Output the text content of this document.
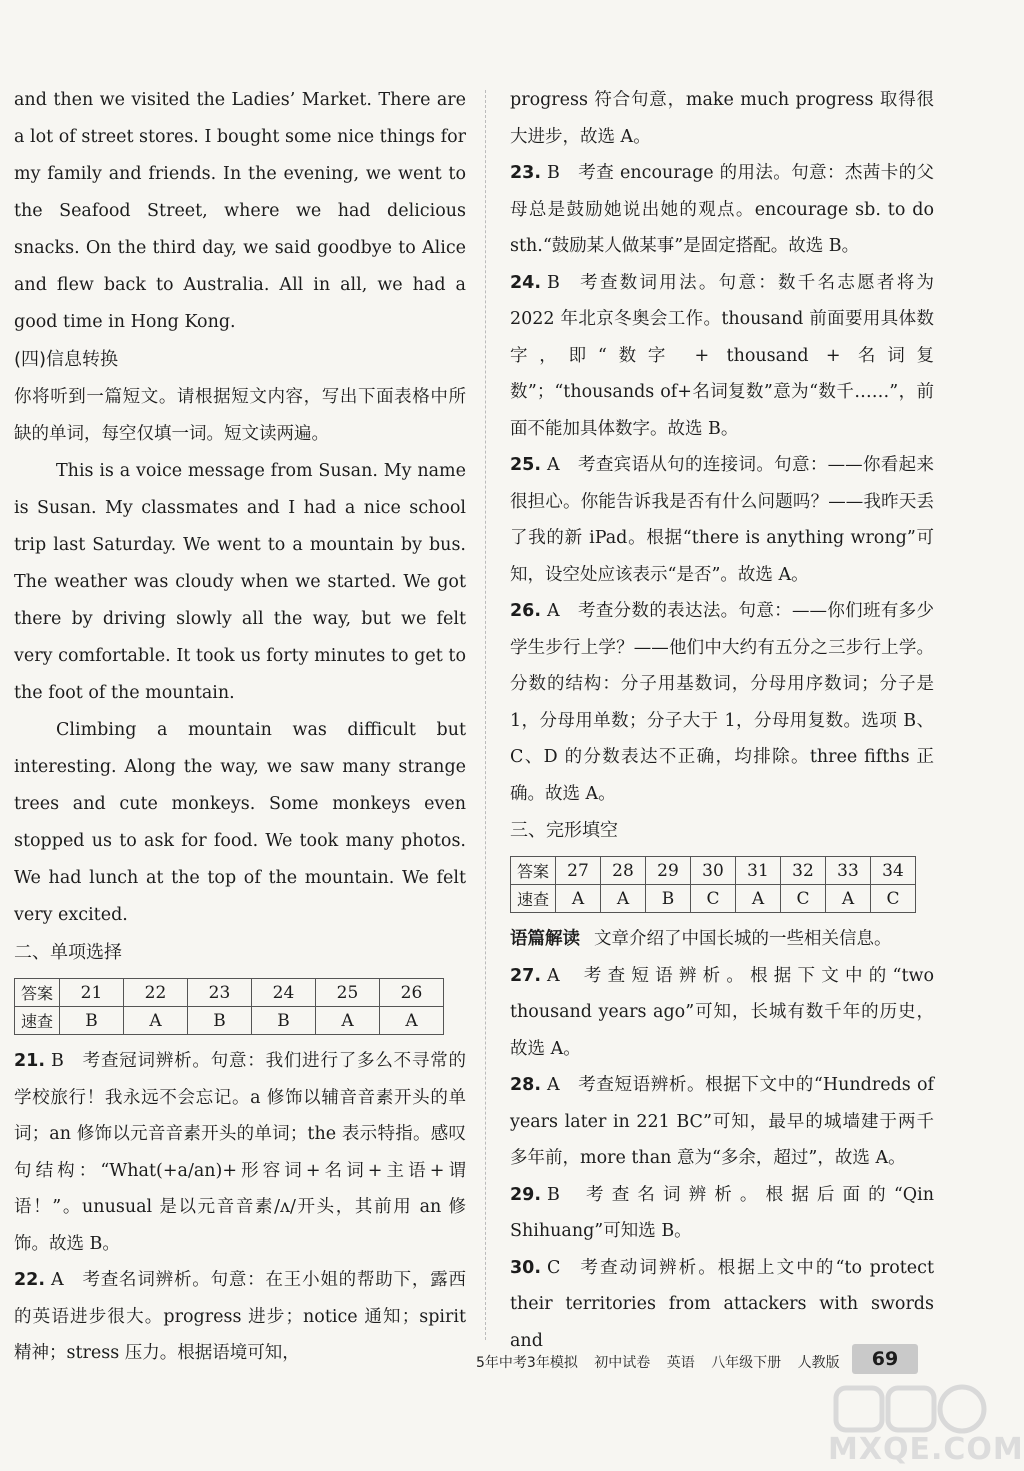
and then we visited the Ladies’ Market. There are a lot of street stores. I bought some nice things for my family and friends. In the evening, we went to the Seafood Street, where we had delicious snacks. On the third day, we said goodbye to Alice and flew back to Australia. All in all, we had a good time in Hong Kong.

(四)信息转换

你将听到一篇短文。请根据短文内容，写出下面表格中所缺的单词，每空仅填一词。短文读两遍。

This is a voice message from Susan. My name is Susan. My classmates and I had a nice school trip last Saturday. We went to a mountain by bus. The weather was cloudy when we started. We got there by driving slowly all the way, but we felt very comfortable. It took us forty minutes to get to the foot of the mountain.

Climbing a mountain was difficult but interesting. Along the way, we saw many strange trees and cute monkeys. Some monkeys even stopped us to ask for food. We took many photos. We had lunch at the top of the mountain. We felt very excited.

二、单项选择

答案	21	22	23	24	25	26
速查	B	A	B	B	A	A

21. B 考查冠词辨析。句意：我们进行了多么不寻常的学校旅行！我永远不会忘记。a 修饰以辅音音素开头的单词；an 修饰以元音音素开头的单词；the 表示特指。感叹句结构：“What(+a/an)+形容词+名词+主语+谓语！”。unusual 是以元音音素/ʌ/开头，其前用 an 修饰。故选 B。

22. A 考查名词辨析。句意：在王小姐的帮助下，露西的英语进步很大。progress 进步；notice 通知；spirit 精神；stress 压力。根据语境可知，

progress 符合句意，make much progress 取得很大进步，故选 A。

23. B 考查 encourage 的用法。句意：杰茜卡的父母总是鼓励她说出她的观点。encourage sb. to do sth.“鼓励某人做某事”是固定搭配。故选 B。

24. B 考查数词用法。句意：数千名志愿者将为 2022 年北京冬奥会工作。thousand 前面要用具体数字，即“数字 + thousand + 名词复数”；“thousands of+名词复数”意为“数千……”，前面不能加具体数字。故选 B。

25. A 考查宾语从句的连接词。句意：——你看起来很担心。你能告诉我是否有什么问题吗？——我昨天丢了我的新 iPad。根据“there is anything wrong”可知，设空处应该表示“是否”。故选 A。

26. A 考查分数的表达法。句意：——你们班有多少学生步行上学？——他们中大约有五分之三步行上学。分数的结构：分子用基数词，分母用序数词；分子是 1，分母用单数；分子大于 1，分母用复数。选项 B、C、D 的分数表达不正确，均排除。three fifths 正确。故选 A。

三、完形填空

答案	27	28	29	30	31	32	33	34
速查	A	A	B	C	A	C	A	C

语篇解读 文章介绍了中国长城的一些相关信息。

27. A 考查短语辨析。根据下文中的“two thousand years ago”可知，长城有数千年的历史，故选 A。

28. A 考查短语辨析。根据下文中的“Hundreds of years later in 221 BC”可知，最早的城墙建于两千多年前，more than 意为“多余，超过”，故选 A。

29. B 考查名词辨析。根据后面的“Qin Shihuang”可知选 B。

30. C 考查动词辨析。根据上文中的“to protect their territories from attackers with swords and

5年中考3年模拟 初中试卷 英语 八年级下册 人教版	69
MXQE.COM
